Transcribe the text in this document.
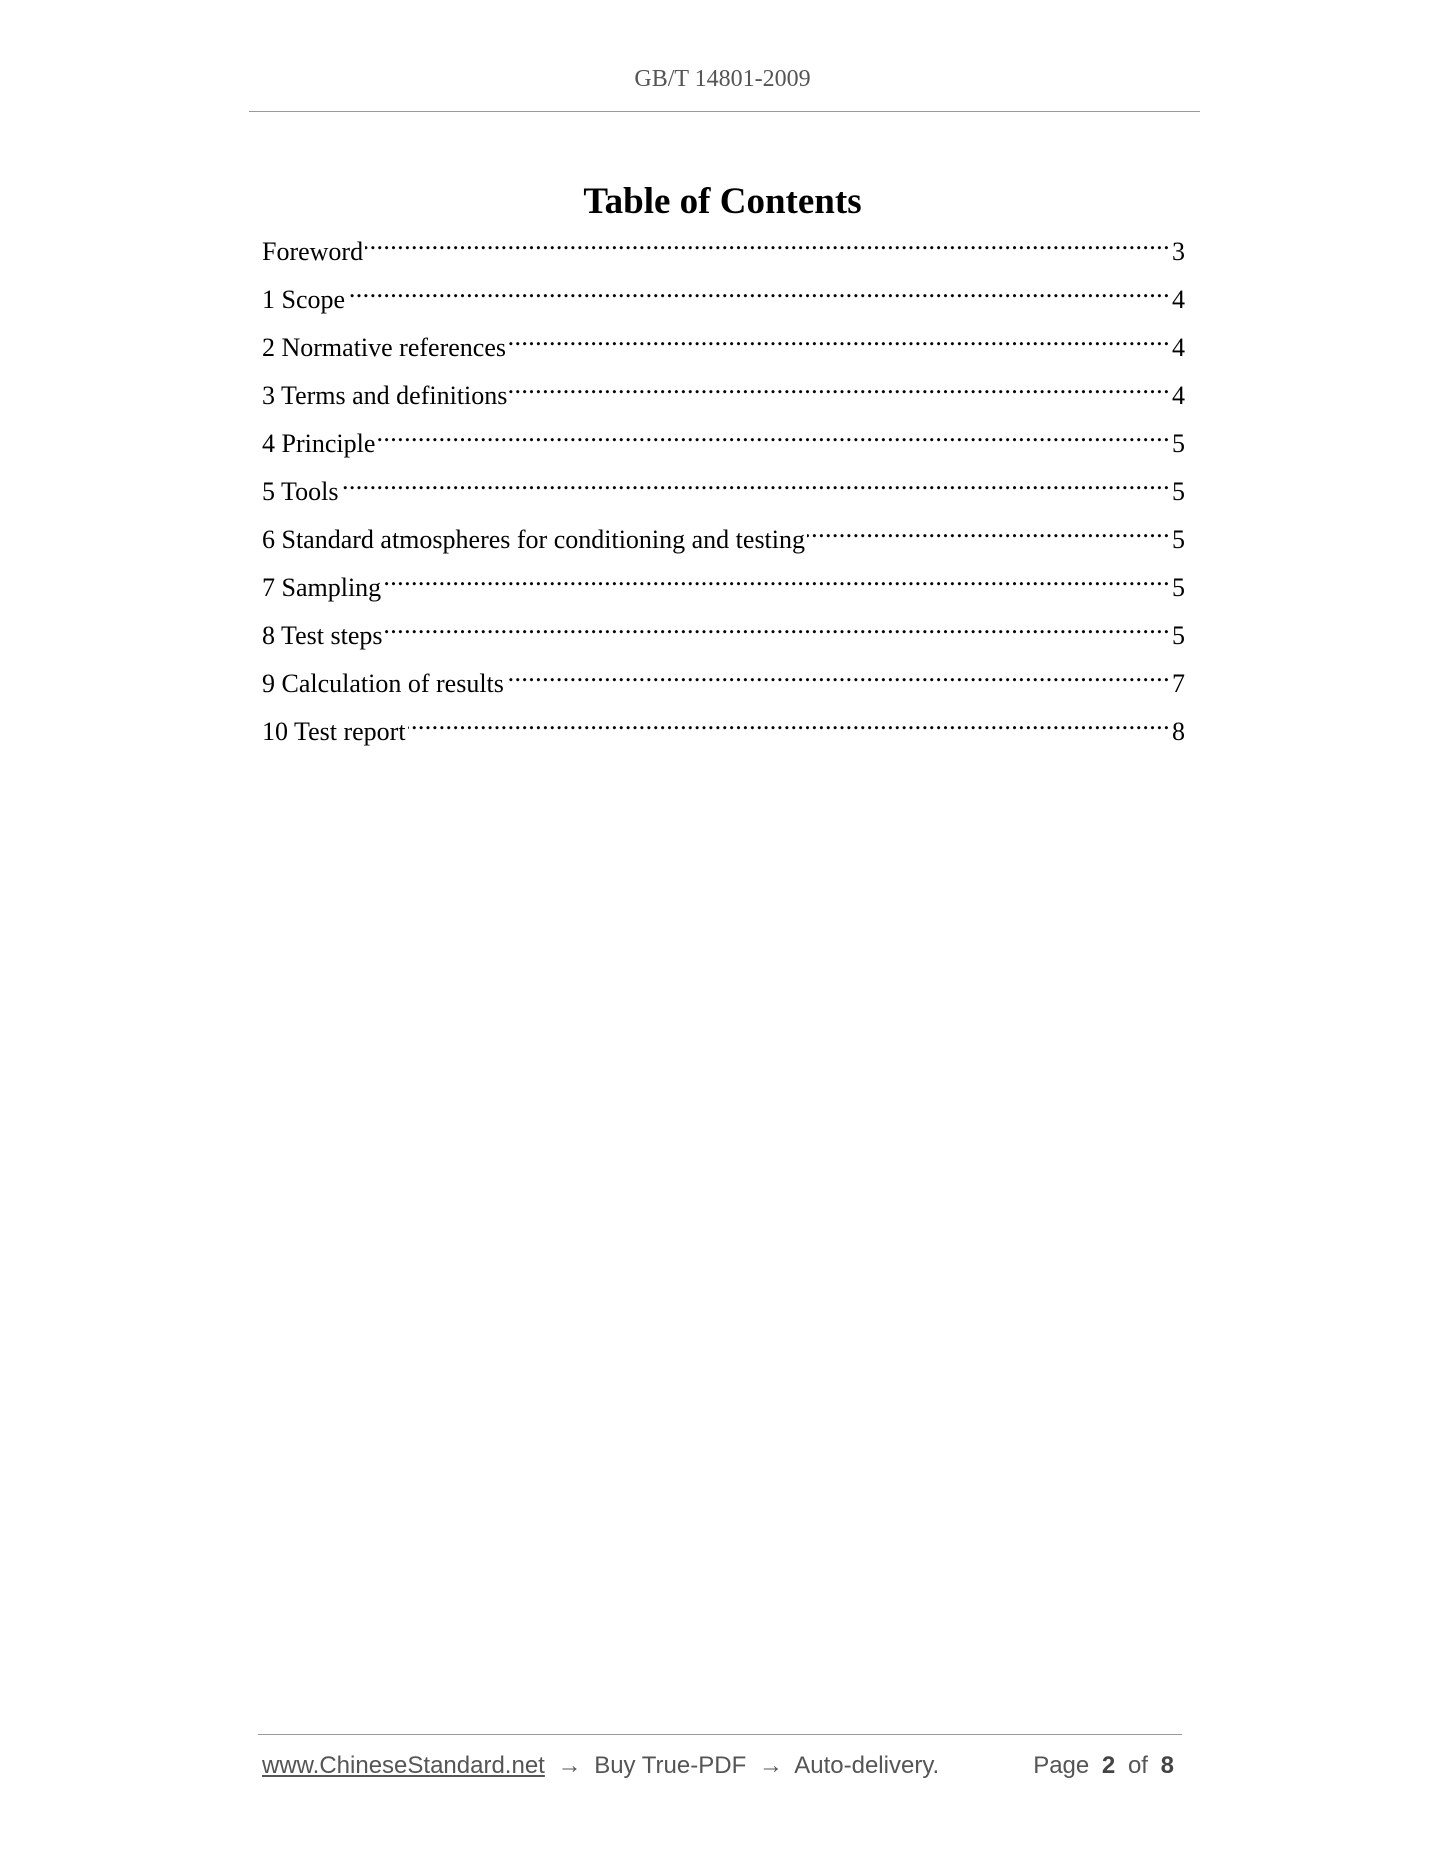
GB/T 14801-2009
Table of Contents
Foreword .....	3
1 Scope .....	4
2 Normative references .....	4
3 Terms and definitions .....	4
4 Principle .....	5
5 Tools .....	5
6 Standard atmospheres for conditioning and testing .....	5
7 Sampling .....	5
8 Test steps .....	5
9 Calculation of results .....	7
10 Test report .....	8
www.ChineseStandard.net → Buy True-PDF → Auto-delivery.	Page 2 of 8
